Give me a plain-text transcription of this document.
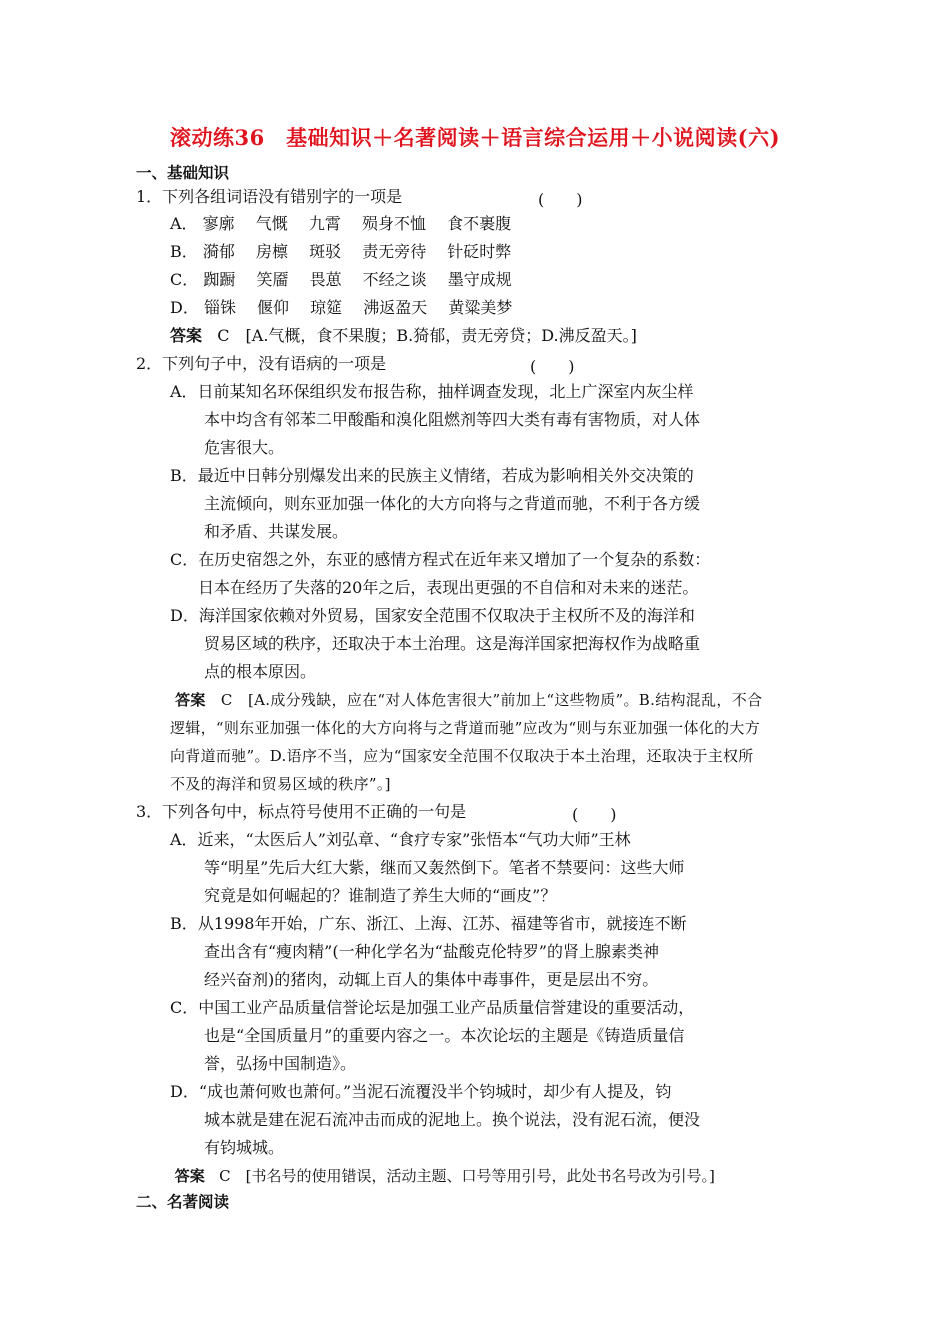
滚动练36　基础知识＋名著阅读＋语言综合运用＋小说阅读(六)
一、基础知识
1．下列各组词语没有错别字的一项是	(　　)
A． 寥廓 气慨 九霄 殒身不恤 食不裹腹
B． 漪郁 房檩 斑驳 责无旁待 针砭时弊
C． 踟蹰 笑靥 畏葸 不经之谈 墨守成规
D． 锱铢 偃仰 琼筵 沸返盈天 黄粱美梦
答案 C　[A.气概，食不果腹；B.猗郁，责无旁贷；D.沸反盈天。]
2．下列句子中，没有语病的一项是	(　　)
A．日前某知名环保组织发布报告称，抽样调查发现，北上广深室内灰尘样
本中均含有邻苯二甲酸酯和溴化阻燃剂等四大类有毒有害物质，对人体
危害很大。
B．最近中日韩分别爆发出来的民族主义情绪，若成为影响相关外交决策的
主流倾向，则东亚加强一体化的大方向将与之背道而驰，不利于各方缓
和矛盾、共谋发展。
C．在历史宿怨之外，东亚的感情方程式在近年来又增加了一个复杂的系数：
日本在经历了失落的20年之后，表现出更强的不自信和对未来的迷茫。
D．海洋国家依赖对外贸易，国家安全范围不仅取决于主权所不及的海洋和
贸易区域的秩序，还取决于本土治理。这是海洋国家把海权作为战略重
点的根本原因。
答案 C　[A.成分残缺，应在“对人体危害很大”前加上“这些物质”。B.结构混乱，不合
逻辑，“则东亚加强一体化的大方向将与之背道而驰”应改为“则与东亚加强一体化的大方
向背道而驰”。D.语序不当，应为“国家安全范围不仅取决于本土治理，还取决于主权所
不及的海洋和贸易区域的秩序”。]
3．下列各句中，标点符号使用不正确的一句是	(　　)
A．近来，“太医后人”刘弘章、“食疗专家”张悟本“气功大师”王林
等“明星”先后大红大紫，继而又轰然倒下。笔者不禁要问：这些大师
究竟是如何崛起的？谁制造了养生大师的“画皮”？
B．从1998年开始，广东、浙江、上海、江苏、福建等省市，就接连不断
查出含有“瘦肉精”(一种化学名为“盐酸克伦特罗”的肾上腺素类神
经兴奋剂)的猪肉，动辄上百人的集体中毒事件，更是层出不穷。
C．中国工业产品质量信誉论坛是加强工业产品质量信誉建设的重要活动，
也是“全国质量月”的重要内容之一。本次论坛的主题是《铸造质量信
誉，弘扬中国制造》。
D．“成也萧何败也萧何。”当泥石流覆没半个钧城时，却少有人提及，钧
城本就是建在泥石流冲击而成的泥地上。换个说法，没有泥石流，便没
有钧城城。
答案 C　[书名号的使用错误，活动主题、口号等用引号，此处书名号改为引号。]
二、名著阅读
